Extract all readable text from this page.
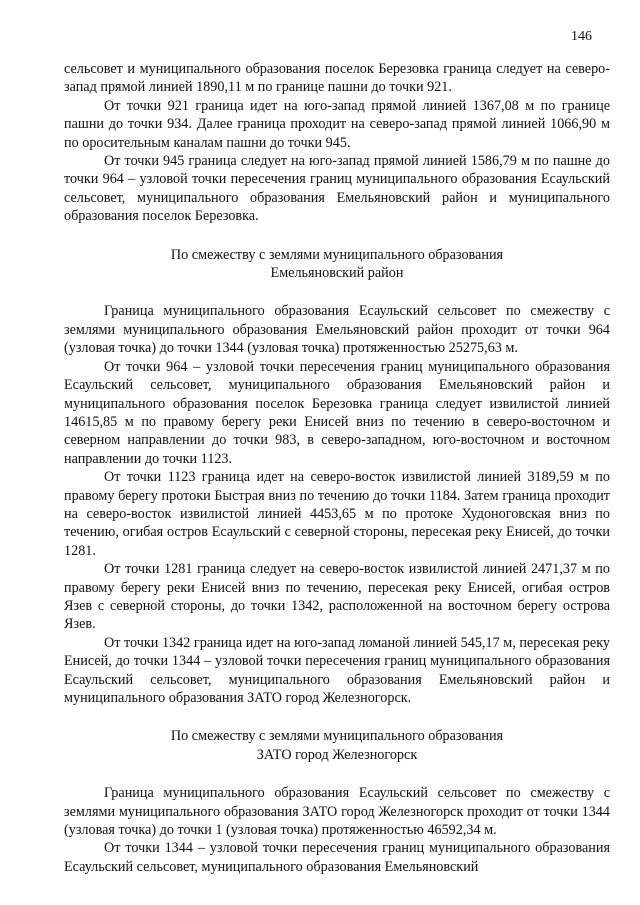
146

сельсовет и муниципального образования поселок Березовка граница следует на северо-запад прямой линией 1890,11 м по границе пашни до точки 921.

От точки 921 граница идет на юго-запад прямой линией 1367,08 м по границе пашни до точки 934. Далее граница проходит на северо-запад прямой линией 1066,90 м по оросительным каналам пашни до точки 945.

От точки 945 граница следует на юго-запад прямой линией 1586,79 м по пашне до точки 964 – узловой точки пересечения границ муниципального образования Есаульский сельсовет, муниципального образования Емельяновский район и муниципального образования поселок Березовка.

По смежеству с землями муниципального образования

Емельяновский район

Граница муниципального образования Есаульский сельсовет по смежеству с землями муниципального образования Емельяновский район проходит от точки 964 (узловая точка) до точки 1344 (узловая точка) протяженностью 25275,63 м.

От точки 964 – узловой точки пересечения границ муниципального образования Есаульский сельсовет, муниципального образования Емельяновский район и муниципального образования поселок Березовка граница следует извилистой линией 14615,85 м по правому берегу реки Енисей вниз по течению в северо-восточном и северном направлении до точки 983, в северо-западном, юго-восточном и восточном направлении до точки 1123.

От точки 1123 граница идет на северо-восток извилистой линией 3189,59 м по правому берегу протоки Быстрая вниз по течению до точки 1184. Затем граница проходит на северо-восток извилистой линией 4453,65 м по протоке Худоноговская вниз по течению, огибая остров Есаульский с северной стороны, пересекая реку Енисей, до точки 1281.

От точки 1281 граница следует на северо-восток извилистой линией 2471,37 м по правому берегу реки Енисей вниз по течению, пересекая реку Енисей, огибая остров Язев с северной стороны, до точки 1342, расположенной на восточном берегу острова Язев.

От точки 1342 граница идет на юго-запад ломаной линией 545,17 м, пересекая реку Енисей, до точки 1344 – узловой точки пересечения границ муниципального образования Есаульский сельсовет, муниципального образования Емельяновский район и муниципального образования ЗАТО город Железногорск.

По смежеству с землями муниципального образования

ЗАТО город Железногорск

Граница муниципального образования Есаульский сельсовет по смежеству с землями муниципального образования ЗАТО город Железногорск проходит от точки 1344 (узловая точка) до точки 1 (узловая точка) протяженностью 46592,34 м.

От точки 1344 – узловой точки пересечения границ муниципального образования Есаульский сельсовет, муниципального образования Емельяновский
